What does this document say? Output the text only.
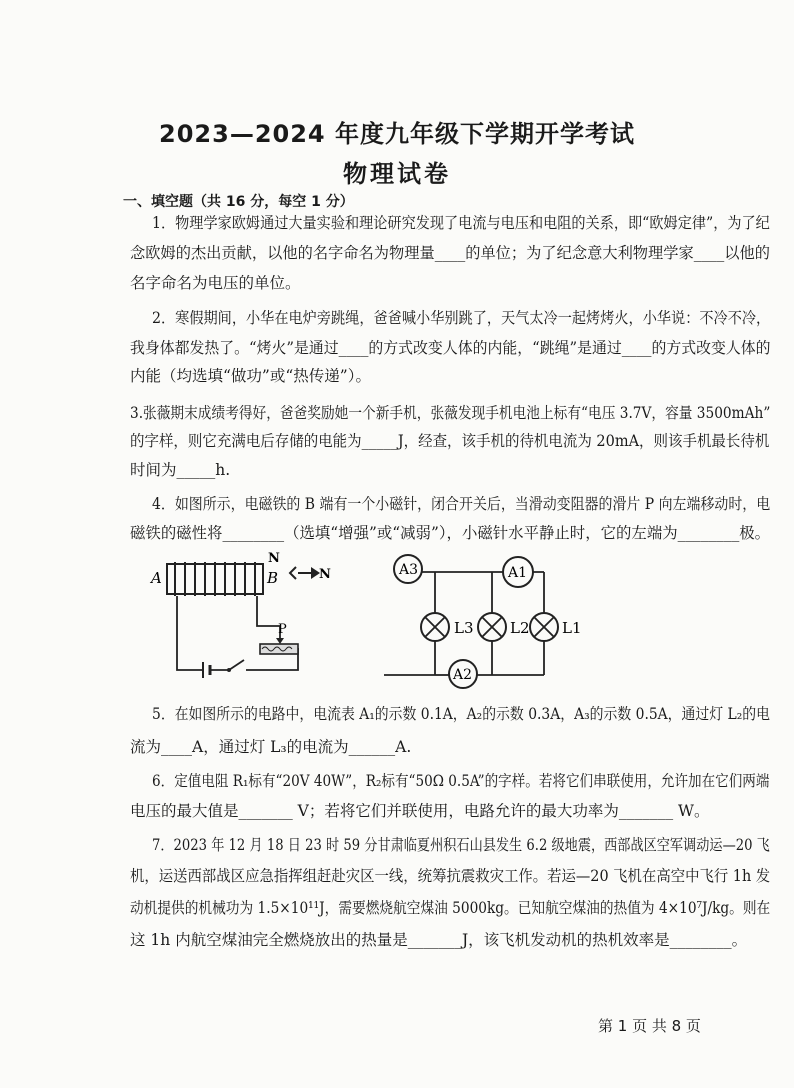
2023—2024 年度九年级下学期开学考试
物理试卷
一、填空题（共 16 分，每空 1 分）
1．物理学家欧姆通过大量实验和理论研究发现了电流与电压和电阻的关系，即“欧姆定律”，为了纪
念欧姆的杰出贡献，以他的名字命名为物理量____的单位；为了纪念意大利物理学家____以他的
名字命名为电压的单位。
2．寒假期间，小华在电炉旁跳绳，爸爸喊小华别跳了，天气太冷一起烤烤火，小华说：不冷不冷，
我身体都发热了。“烤火”是通过____的方式改变人体的内能，“跳绳”是通过____的方式改变人体的
内能（均选填“做功”或“热传递”）。
3.张薇期末成绩考得好，爸爸奖励她一个新手机，张薇发现手机电池上标有“电压 3.7V，容量 3500mAh”
的字样，则它充满电后存储的电能为_____J，经查，该手机的待机电流为 20mA，则该手机最长待机
时间为_____h.
4．如图所示，电磁铁的 B 端有一个小磁针，闭合开关后，当滑动变阻器的滑片 P 向左端移动时，电
磁铁的磁性将________（选填“增强”或“减弱”），小磁针水平静止时，它的左端为________极。
A	B
N
N
P
A3	A1
A2
L3 L2 L1
5．在如图所示的电路中，电流表 A₁的示数 0.1A，A₂的示数 0.3A，A₃的示数 0.5A，通过灯 L₂的电
流为____A，通过灯 L₃的电流为______A.
6．定值电阻 R₁标有“20V 40W”，R₂标有“50Ω 0.5A”的字样。若将它们串联使用，允许加在它们两端
电压的最大值是_______ V；若将它们并联使用，电路允许的最大功率为_______ W。
7．2023 年 12 月 18 日 23 时 59 分甘肃临夏州积石山县发生 6.2 级地震，西部战区空军调动运—20 飞
机，运送西部战区应急指挥组赶赴灾区一线，统筹抗震救灾工作。若运—20 飞机在高空中飞行 1h 发
动机提供的机械功为 1.5×10¹¹J，需要燃烧航空煤油 5000kg。已知航空煤油的热值为 4×10⁷J/kg。则在
这 1h 内航空煤油完全燃烧放出的热量是_______J，该飞机发动机的热机效率是________。
第 1 页 共 8 页
